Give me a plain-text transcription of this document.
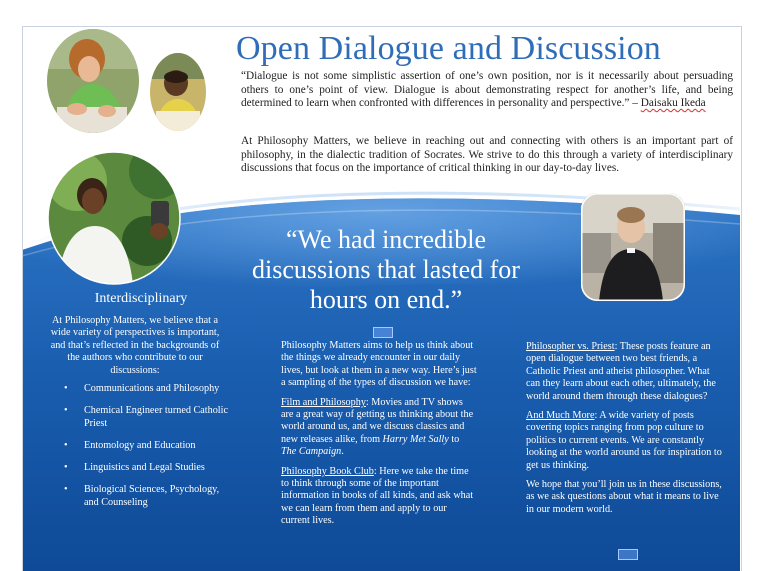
Open Dialogue and Discussion

“Dialogue is not some simplistic assertion of one’s own position, nor is it necessarily about persuading others to one’s point of view. Dialogue is about demonstrating respect for another’s life, and being determined to learn when confronted with differences in personality and perspective.” – Daisaku Ikeda

At Philosophy Matters, we believe in reaching out and connecting with others is an important part of philosophy, in the dialectic tradition of Socrates. We strive to do this through a variety of interdisciplinary discussions that focus on the importance of critical thinking in our day-to-day lives.

“We had incredible discussions that lasted for hours on end.”

Interdisciplinary

At Philosophy Matters, we believe that a wide variety of perspectives is important, and that’s reflected in the backgrounds of the authors who contribute to our discussions:

• Communications and Philosophy
• Chemical Engineer turned Catholic Priest
• Entomology and Education
• Linguistics and Legal Studies
• Biological Sciences, Psychology, and Counseling

Philosophy Matters aims to help us think about the things we already encounter in our daily lives, but look at them in a new way. Here’s just a sampling of the types of discussion we have:

Film and Philosophy: Movies and TV shows are a great way of getting us thinking about the world around us, and we discuss classics and new releases alike, from Harry Met Sally to The Campaign.

Philosophy Book Club: Here we take the time to think through some of the important information in books of all kinds, and ask what we can learn from them and apply to our current lives.

Philosopher vs. Priest: These posts feature an open dialogue between two best friends, a Catholic Priest and atheist philosopher. What can they learn about each other, ultimately, the world around them through these dialogues?

And Much More: A wide variety of posts covering topics ranging from pop culture to politics to current events. We are constantly looking at the world around us for inspiration to get us thinking.

We hope that you’ll join us in these discussions, as we ask questions about what it means to live in our modern world.
